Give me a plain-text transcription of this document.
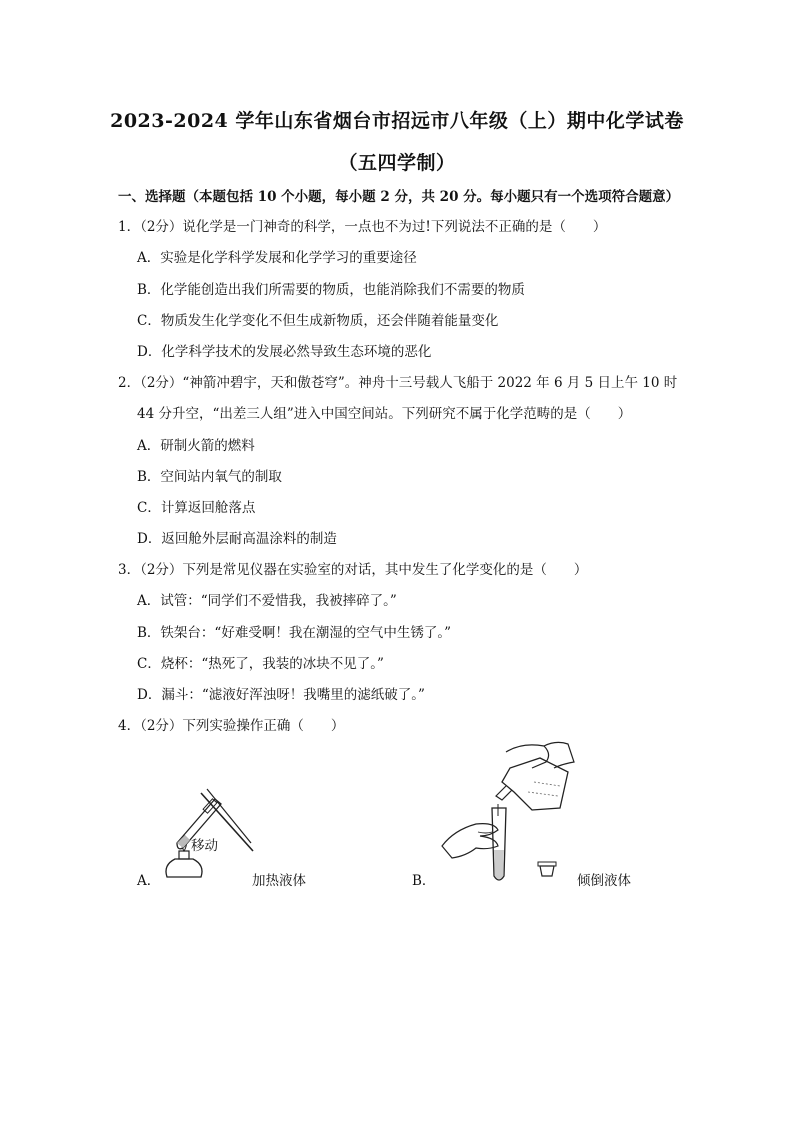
2023-2024 学年山东省烟台市招远市八年级（上）期中化学试卷
（五四学制）
一、选择题（本题包括 10 个小题，每小题 2 分，共 20 分。每小题只有一个选项符合题意）
1．（2分）说化学是一门神奇的科学，一点也不为过!下列说法不正确的是（　　）
A．实验是化学科学发展和化学学习的重要途径
B．化学能创造出我们所需要的物质，也能消除我们不需要的物质
C．物质发生化学变化不但生成新物质，还会伴随着能量变化
D．化学科学技术的发展必然导致生态环境的恶化
2．（2分）“神箭冲碧宇，天和傲苍穹”。神舟十三号载人飞船于 2022 年 6 月 5 日上午 10 时
44 分升空，“出差三人组”进入中国空间站。下列研究不属于化学范畴的是（　　）
A．研制火箭的燃料
B．空间站内氧气的制取
C．计算返回舱落点
D．返回舱外层耐高温涂料的制造
3．（2分）下列是常见仪器在实验室的对话，其中发生了化学变化的是（　　）
A．试管：“同学们不爱惜我，我被摔碎了。”
B．铁架台：“好难受啊！我在潮湿的空气中生锈了。”
C．烧杯：“热死了，我装的冰块不见了。”
D．漏斗：“滤液好浑浊呀！我嘴里的滤纸破了。”
4．（2分）下列实验操作正确（　　）
移动
A．	加热液体	B．	倾倒液体
